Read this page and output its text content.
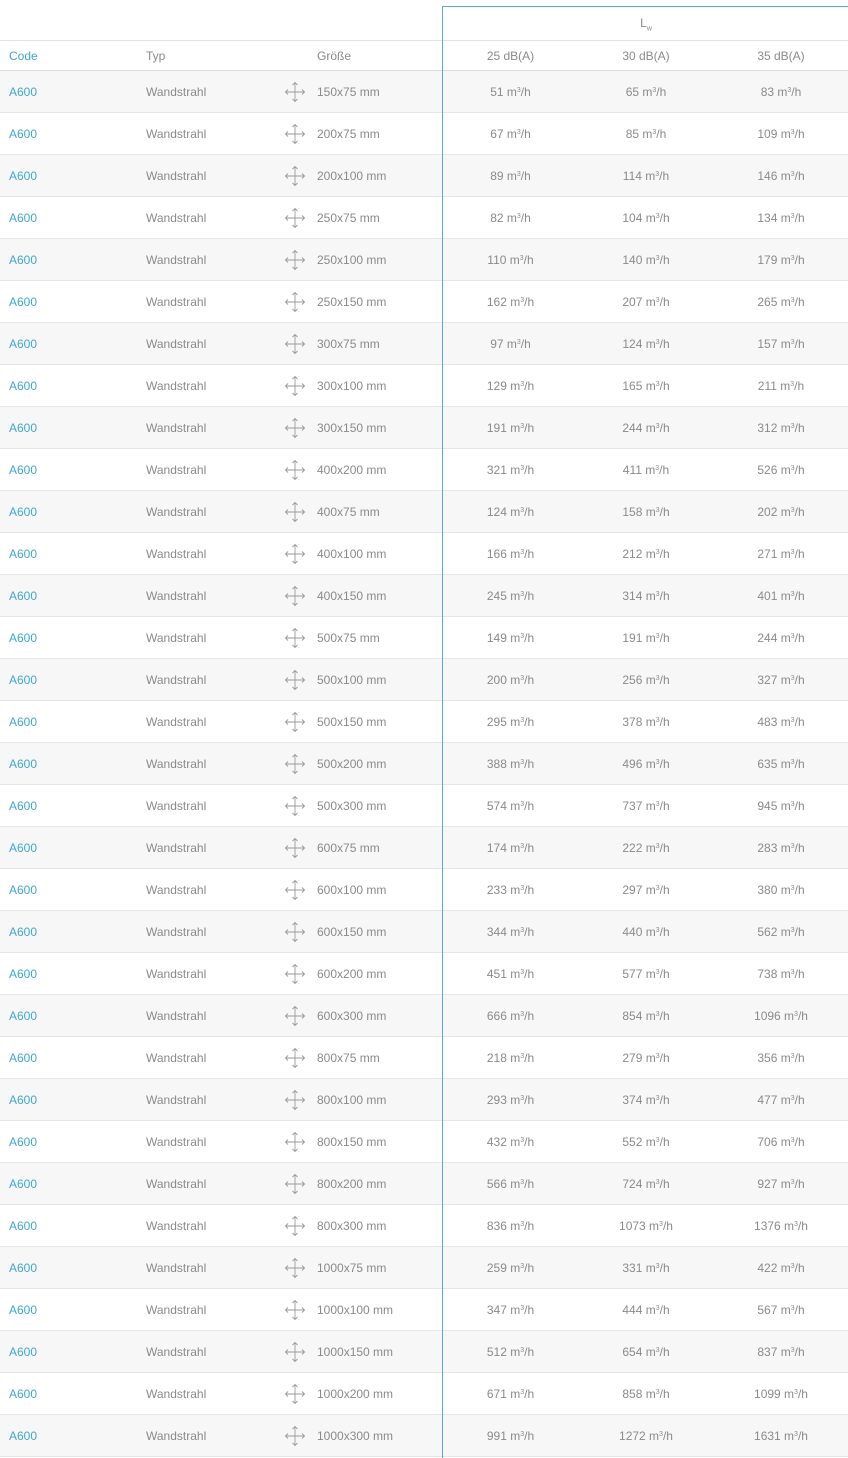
$L_w$
Code	Typ	Größe	25 dB(A)	30 dB(A)	35 dB(A)
A600	Wandstrahl	150x75 mm	51 $m^3$ /h	65 $m^3$ /h	83 $m^3$ /h
A600	Wandstrahl	200x75 mm	67 $m^3$ /h	85 $m^3$ /h	109 $m^3$ /h
A600	Wandstrahl	200x100 mm	89 $m^3$ /h	114 $m^3$ /h	146 $m^3$ /h
A600	Wandstrahl	250x75 mm	82 $m^3$ /h	104 $m^3$ /h	134 $m^3$ /h
A600	Wandstrahl	250x100 mm	110 $m^3$ /h	140 $m^3$ /h	179 $m^3$ /h
A600	Wandstrahl	250x150 mm	162 $m^3$ /h	207 $m^3$ /h	265 $m^3$ /h
A600	Wandstrahl	300x75 mm	97 $m^3$ /h	124 $m^3$ /h	157 $m^3$ /h
A600	Wandstrahl	300x100 mm	129 $m^3$ /h	165 $m^3$ /h	211 $m^3$ /h
A600	Wandstrahl	300x150 mm	191 $m^3$ /h	244 $m^3$ /h	312 $m^3$ /h
A600	Wandstrahl	400x200 mm	321 $m^3$ /h	411 $m^3$ /h	526 $m^3$ /h
A600	Wandstrahl	400x75 mm	124 $m^3$ /h	158 $m^3$ /h	202 $m^3$ /h
A600	Wandstrahl	400x100 mm	166 $m^3$ /h	212 $m^3$ /h	271 $m^3$ /h
A600	Wandstrahl	400x150 mm	245 $m^3$ /h	314 $m^3$ /h	401 $m^3$ /h
A600	Wandstrahl	500x75 mm	149 $m^3$ /h	191 $m^3$ /h	244 $m^3$ /h
A600	Wandstrahl	500x100 mm	200 $m^3$ /h	256 $m^3$ /h	327 $m^3$ /h
A600	Wandstrahl	500x150 mm	295 $m^3$ /h	378 $m^3$ /h	483 $m^3$ /h
A600	Wandstrahl	500x200 mm	388 $m^3$ /h	496 $m^3$ /h	635 $m^3$ /h
A600	Wandstrahl	500x300 mm	574 $m^3$ /h	737 $m^3$ /h	945 $m^3$ /h
A600	Wandstrahl	600x75 mm	174 $m^3$ /h	222 $m^3$ /h	283 $m^3$ /h
A600	Wandstrahl	600x100 mm	233 $m^3$ /h	297 $m^3$ /h	380 $m^3$ /h
A600	Wandstrahl	600x150 mm	344 $m^3$ /h	440 $m^3$ /h	562 $m^3$ /h
A600	Wandstrahl	600x200 mm	451 $m^3$ /h	577 $m^3$ /h	738 $m^3$ /h
A600	Wandstrahl	600x300 mm	666 $m^3$ /h	854 $m^3$ /h	1096 $m^3$ /h
A600	Wandstrahl	800x75 mm	218 $m^3$ /h	279 $m^3$ /h	356 $m^3$ /h
A600	Wandstrahl	800x100 mm	293 $m^3$ /h	374 $m^3$ /h	477 $m^3$ /h
A600	Wandstrahl	800x150 mm	432 $m^3$ /h	552 $m^3$ /h	706 $m^3$ /h
A600	Wandstrahl	800x200 mm	566 $m^3$ /h	724 $m^3$ /h	927 $m^3$ /h
A600	Wandstrahl	800x300 mm	836 $m^3$ /h	1073 $m^3$ /h	1376 $m^3$ /h
A600	Wandstrahl	1000x75 mm	259 $m^3$ /h	331 $m^3$ /h	422 $m^3$ /h
A600	Wandstrahl	1000x100 mm	347 $m^3$ /h	444 $m^3$ /h	567 $m^3$ /h
A600	Wandstrahl	1000x150 mm	512 $m^3$ /h	654 $m^3$ /h	837 $m^3$ /h
A600	Wandstrahl	1000x200 mm	671 $m^3$ /h	858 $m^3$ /h	1099 $m^3$ /h
A600	Wandstrahl	1000x300 mm	991 $m^3$ /h	1272 $m^3$ /h	1631 $m^3$ /h
